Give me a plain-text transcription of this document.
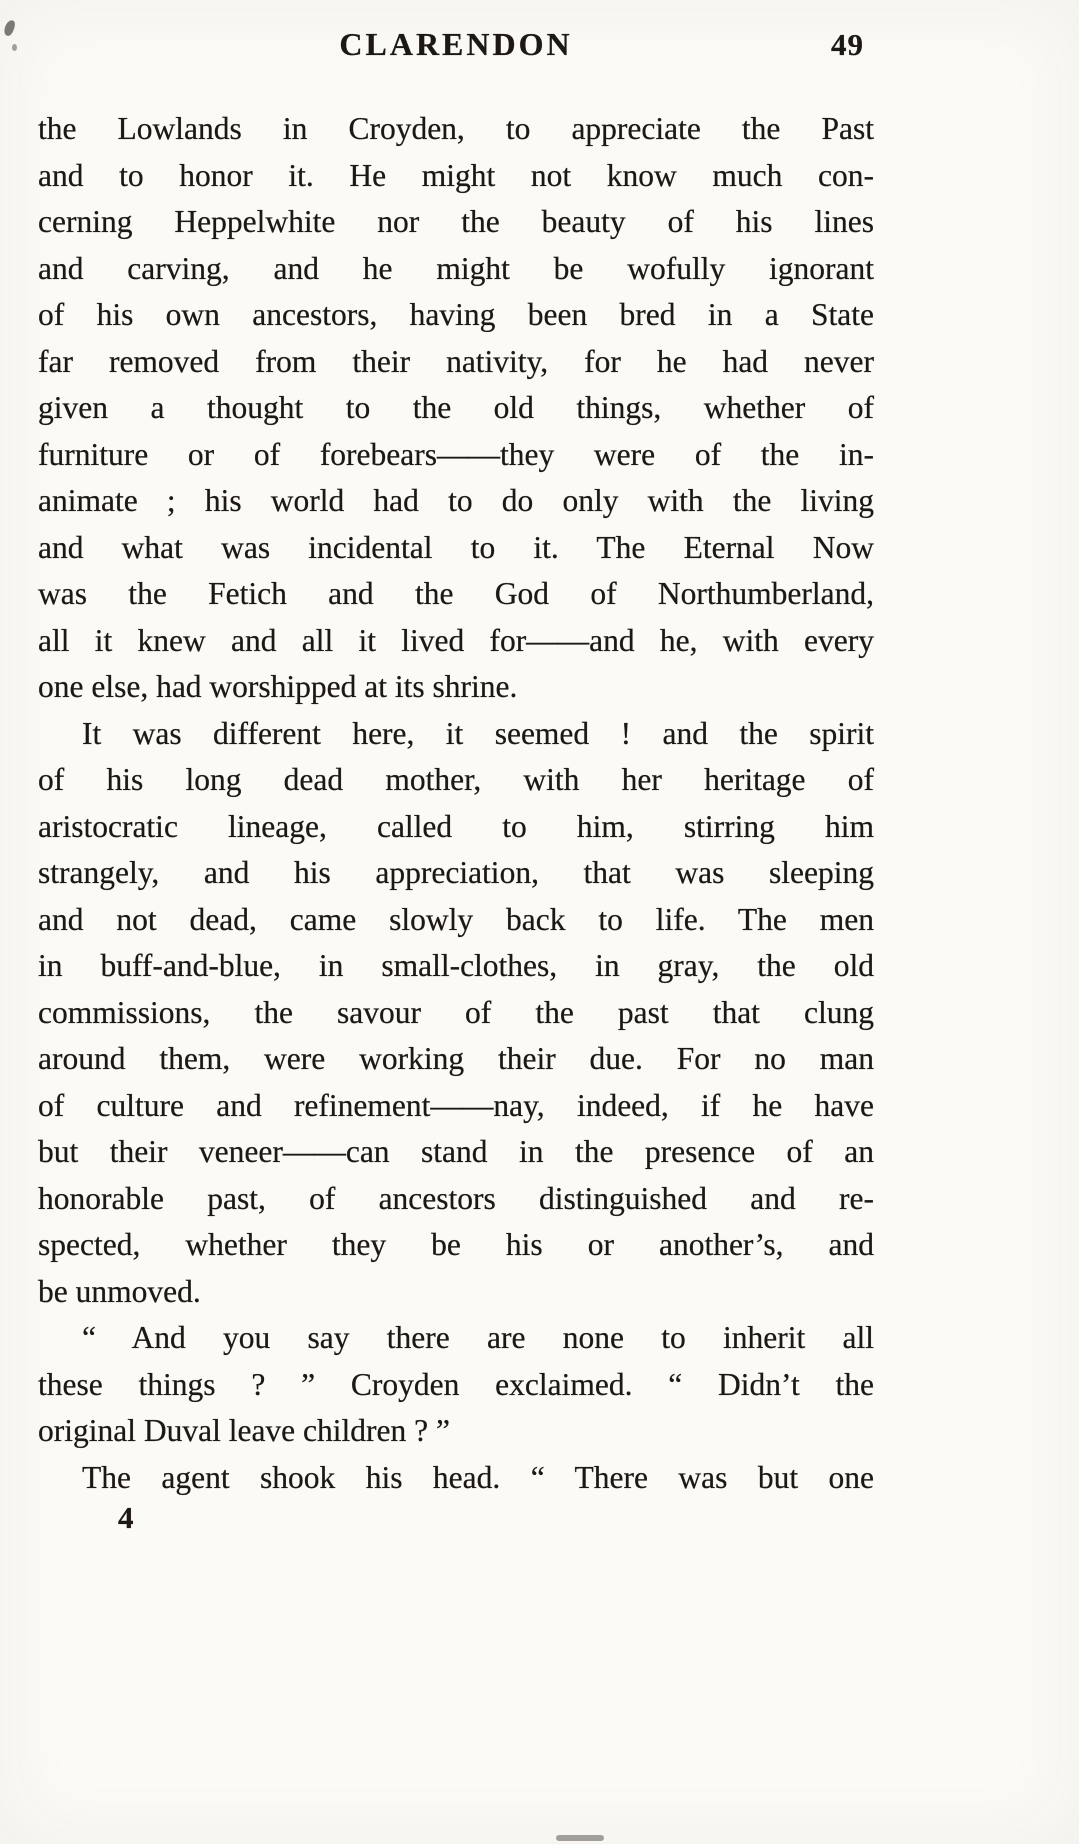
CLARENDON	49

the Lowlands in Croyden, to appreciate the Past
and to honor it. He might not know much con-
cerning Heppelwhite nor the beauty of his lines
and carving, and he might be wofully ignorant
of his own ancestors, having been bred in a State
far removed from their nativity, for he had never
given a thought to the old things, whether of
furniture or of forebears——they were of the in-
animate ; his world had to do only with the living
and what was incidental to it. The Eternal Now
was the Fetich and the God of Northumberland,
all it knew and all it lived for——and he, with every
one else, had worshipped at its shrine.

It was different here, it seemed ! and the spirit
of his long dead mother, with her heritage of
aristocratic lineage, called to him, stirring him
strangely, and his appreciation, that was sleeping
and not dead, came slowly back to life. The men
in buff-and-blue, in small-clothes, in gray, the old
commissions, the savour of the past that clung
around them, were working their due. For no man
of culture and refinement——nay, indeed, if he have
but their veneer——can stand in the presence of an
honorable past, of ancestors distinguished and re-
spected, whether they be his or another’s, and
be unmoved.

“ And you say there are none to inherit all
these things ? ” Croyden exclaimed. “ Didn’t the
original Duval leave children ? ”

The agent shook his head. “ There was but one

4
